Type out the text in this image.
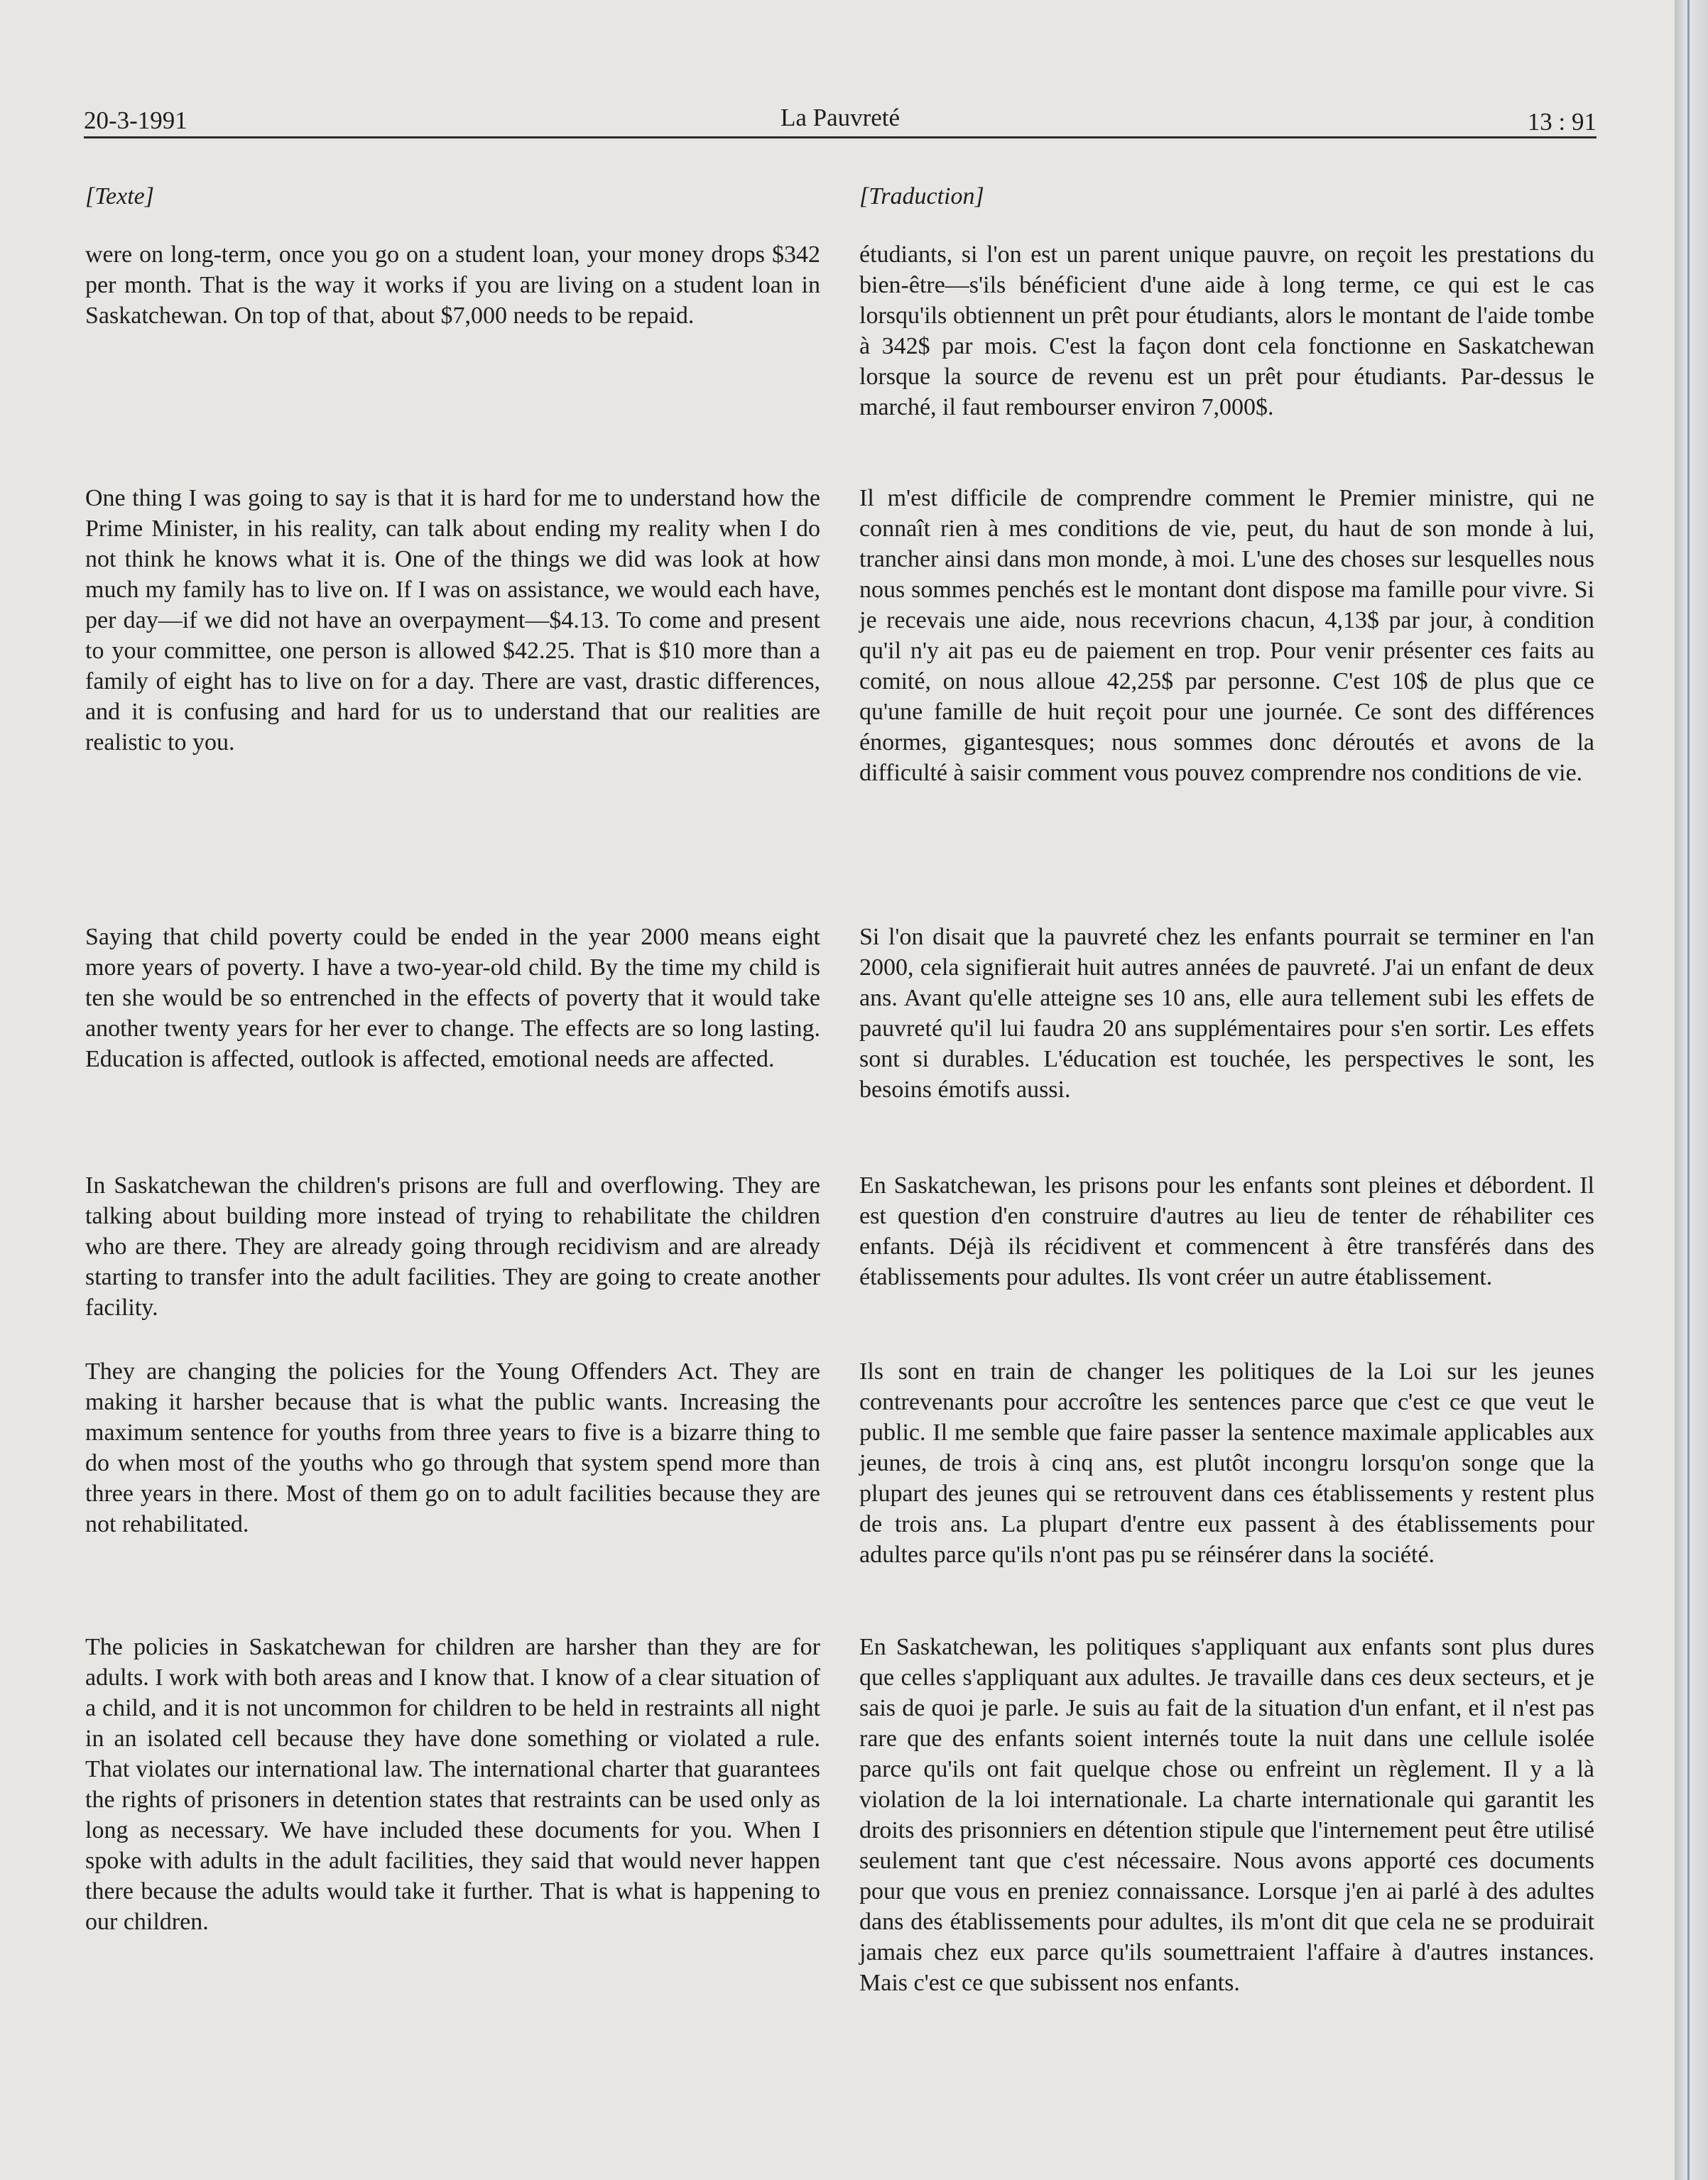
20-3-1991	La Pauvreté	13 : 91
[Texte]

were on long-term, once you go on a student loan, your money drops $342 per month. That is the way it works if you are living on a student loan in Saskatchewan. On top of that, about $7,000 needs to be repaid.

One thing I was going to say is that it is hard for me to understand how the Prime Minister, in his reality, can talk about ending my reality when I do not think he knows what it is. One of the things we did was look at how much my family has to live on. If I was on assistance, we would each have, per day—if we did not have an overpayment—$4.13. To come and present to your committee, one person is allowed $42.25. That is $10 more than a family of eight has to live on for a day. There are vast, drastic differences, and it is confusing and hard for us to understand that our realities are realistic to you.

Saying that child poverty could be ended in the year 2000 means eight more years of poverty. I have a two-year-old child. By the time my child is ten she would be so entrenched in the effects of poverty that it would take another twenty years for her ever to change. The effects are so long lasting. Education is affected, outlook is affected, emotional needs are affected.

In Saskatchewan the children's prisons are full and overflowing. They are talking about building more instead of trying to rehabilitate the children who are there. They are already going through recidivism and are already starting to transfer into the adult facilities. They are going to create another facility.

They are changing the policies for the Young Offenders Act. They are making it harsher because that is what the public wants. Increasing the maximum sentence for youths from three years to five is a bizarre thing to do when most of the youths who go through that system spend more than three years in there. Most of them go on to adult facilities because they are not rehabilitated.

The policies in Saskatchewan for children are harsher than they are for adults. I work with both areas and I know that. I know of a clear situation of a child, and it is not uncommon for children to be held in restraints all night in an isolated cell because they have done something or violated a rule. That violates our international law. The international charter that guarantees the rights of prisoners in detention states that restraints can be used only as long as necessary. We have included these documents for you. When I spoke with adults in the adult facilities, they said that would never happen there because the adults would take it further. That is what is happening to our children.

[Traduction]

étudiants, si l'on est un parent unique pauvre, on reçoit les prestations du bien-être—s'ils bénéficient d'une aide à long terme, ce qui est le cas lorsqu'ils obtiennent un prêt pour étudiants, alors le montant de l'aide tombe à 342$ par mois. C'est la façon dont cela fonctionne en Saskatchewan lorsque la source de revenu est un prêt pour étudiants. Par-dessus le marché, il faut rembourser environ 7,000$.

Il m'est difficile de comprendre comment le Premier ministre, qui ne connaît rien à mes conditions de vie, peut, du haut de son monde à lui, trancher ainsi dans mon monde, à moi. L'une des choses sur lesquelles nous nous sommes penchés est le montant dont dispose ma famille pour vivre. Si je recevais une aide, nous recevrions chacun, 4,13$ par jour, à condition qu'il n'y ait pas eu de paiement en trop. Pour venir présenter ces faits au comité, on nous alloue 42,25$ par personne. C'est 10$ de plus que ce qu'une famille de huit reçoit pour une journée. Ce sont des différences énormes, gigantesques; nous sommes donc déroutés et avons de la difficulté à saisir comment vous pouvez comprendre nos conditions de vie.

Si l'on disait que la pauvreté chez les enfants pourrait se terminer en l'an 2000, cela signifierait huit autres années de pauvreté. J'ai un enfant de deux ans. Avant qu'elle atteigne ses 10 ans, elle aura tellement subi les effets de pauvreté qu'il lui faudra 20 ans supplémentaires pour s'en sortir. Les effets sont si durables. L'éducation est touchée, les perspectives le sont, les besoins émotifs aussi.

En Saskatchewan, les prisons pour les enfants sont pleines et débordent. Il est question d'en construire d'autres au lieu de tenter de réhabiliter ces enfants. Déjà ils récidivent et commencent à être transférés dans des établissements pour adultes. Ils vont créer un autre établissement.

Ils sont en train de changer les politiques de la Loi sur les jeunes contrevenants pour accroître les sentences parce que c'est ce que veut le public. Il me semble que faire passer la sentence maximale applicables aux jeunes, de trois à cinq ans, est plutôt incongru lorsqu'on songe que la plupart des jeunes qui se retrouvent dans ces établissements y restent plus de trois ans. La plupart d'entre eux passent à des établissements pour adultes parce qu'ils n'ont pas pu se réinsérer dans la société.

En Saskatchewan, les politiques s'appliquant aux enfants sont plus dures que celles s'appliquant aux adultes. Je travaille dans ces deux secteurs, et je sais de quoi je parle. Je suis au fait de la situation d'un enfant, et il n'est pas rare que des enfants soient internés toute la nuit dans une cellule isolée parce qu'ils ont fait quelque chose ou enfreint un règlement. Il y a là violation de la loi internationale. La charte internationale qui garantit les droits des prisonniers en détention stipule que l'internement peut être utilisé seulement tant que c'est nécessaire. Nous avons apporté ces documents pour que vous en preniez connaissance. Lorsque j'en ai parlé à des adultes dans des établissements pour adultes, ils m'ont dit que cela ne se produirait jamais chez eux parce qu'ils soumettraient l'affaire à d'autres instances. Mais c'est ce que subissent nos enfants.
